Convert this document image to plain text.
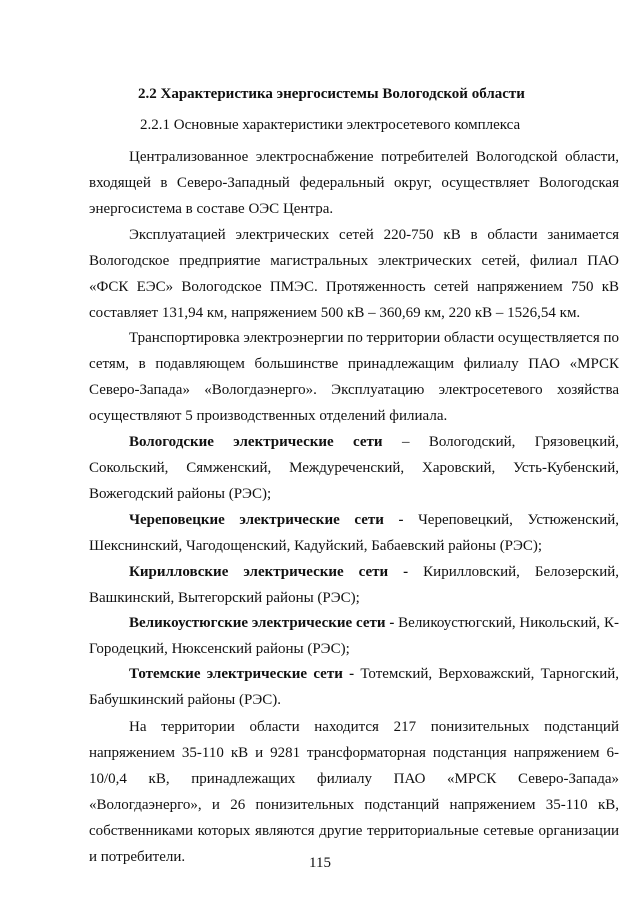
2.2 Характеристика энергосистемы Вологодской области
2.2.1 Основные характеристики электросетевого комплекса

Централизованное электроснабжение потребителей Вологодской области, входящей в Северо-Западный федеральный округ, осуществляет Вологодская энергосистема в составе ОЭС Центра.

Эксплуатацией электрических сетей 220-750 кВ в области занимается Вологодское предприятие магистральных электрических сетей, филиал ПАО «ФСК ЕЭС» Вологодское ПМЭС. Протяженность сетей напряжением 750 кВ составляет 131,94 км, напряжением 500 кВ – 360,69 км, 220 кВ – 1526,54 км.

Транспортировка электроэнергии по территории области осуществляется по сетям, в подавляющем большинстве принадлежащим филиалу ПАО «МРСК Северо-Запада» «Вологдаэнерго». Эксплуатацию электросетевого хозяйства осуществляют 5 производственных отделений филиала.

Вологодские электрические сети – Вологодский, Грязовецкий, Сокольский, Сямженский, Междуреченский, Харовский, Усть-Кубенский, Вожегодский районы (РЭС);

Череповецкие электрические сети - Череповецкий, Устюженский, Шекснинский, Чагодощенский, Кадуйский, Бабаевский районы (РЭС);

Кирилловские электрические сети - Кирилловский, Белозерский, Вашкинский, Вытегорский районы (РЭС);

Великоустюгские электрические сети - Великоустюгский, Никольский, К-Городецкий, Нюксенский районы (РЭС);

Тотемские электрические сети - Тотемский, Верховажский, Тарногский, Бабушкинский районы (РЭС).

На территории области находится 217 понизительных подстанций напряжением 35-110 кВ и 9281 трансформаторная подстанция напряжением 6-10/0,4 кВ, принадлежащих филиалу ПАО «МРСК Северо-Запада» «Вологдаэнерго», и 26 понизительных подстанций напряжением 35-110 кВ, собственниками которых являются другие территориальные сетевые организации и потребители.	115
